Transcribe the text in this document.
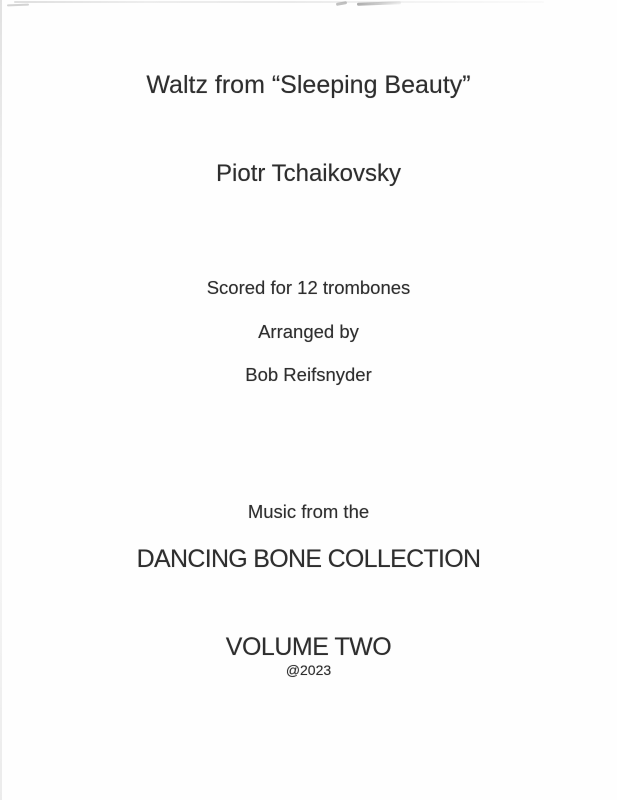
Waltz from “Sleeping Beauty”
Piotr Tchaikovsky
Scored for 12 trombones
Arranged by
Bob Reifsnyder
Music from the
DANCING BONE COLLECTION
VOLUME TWO
@2023
